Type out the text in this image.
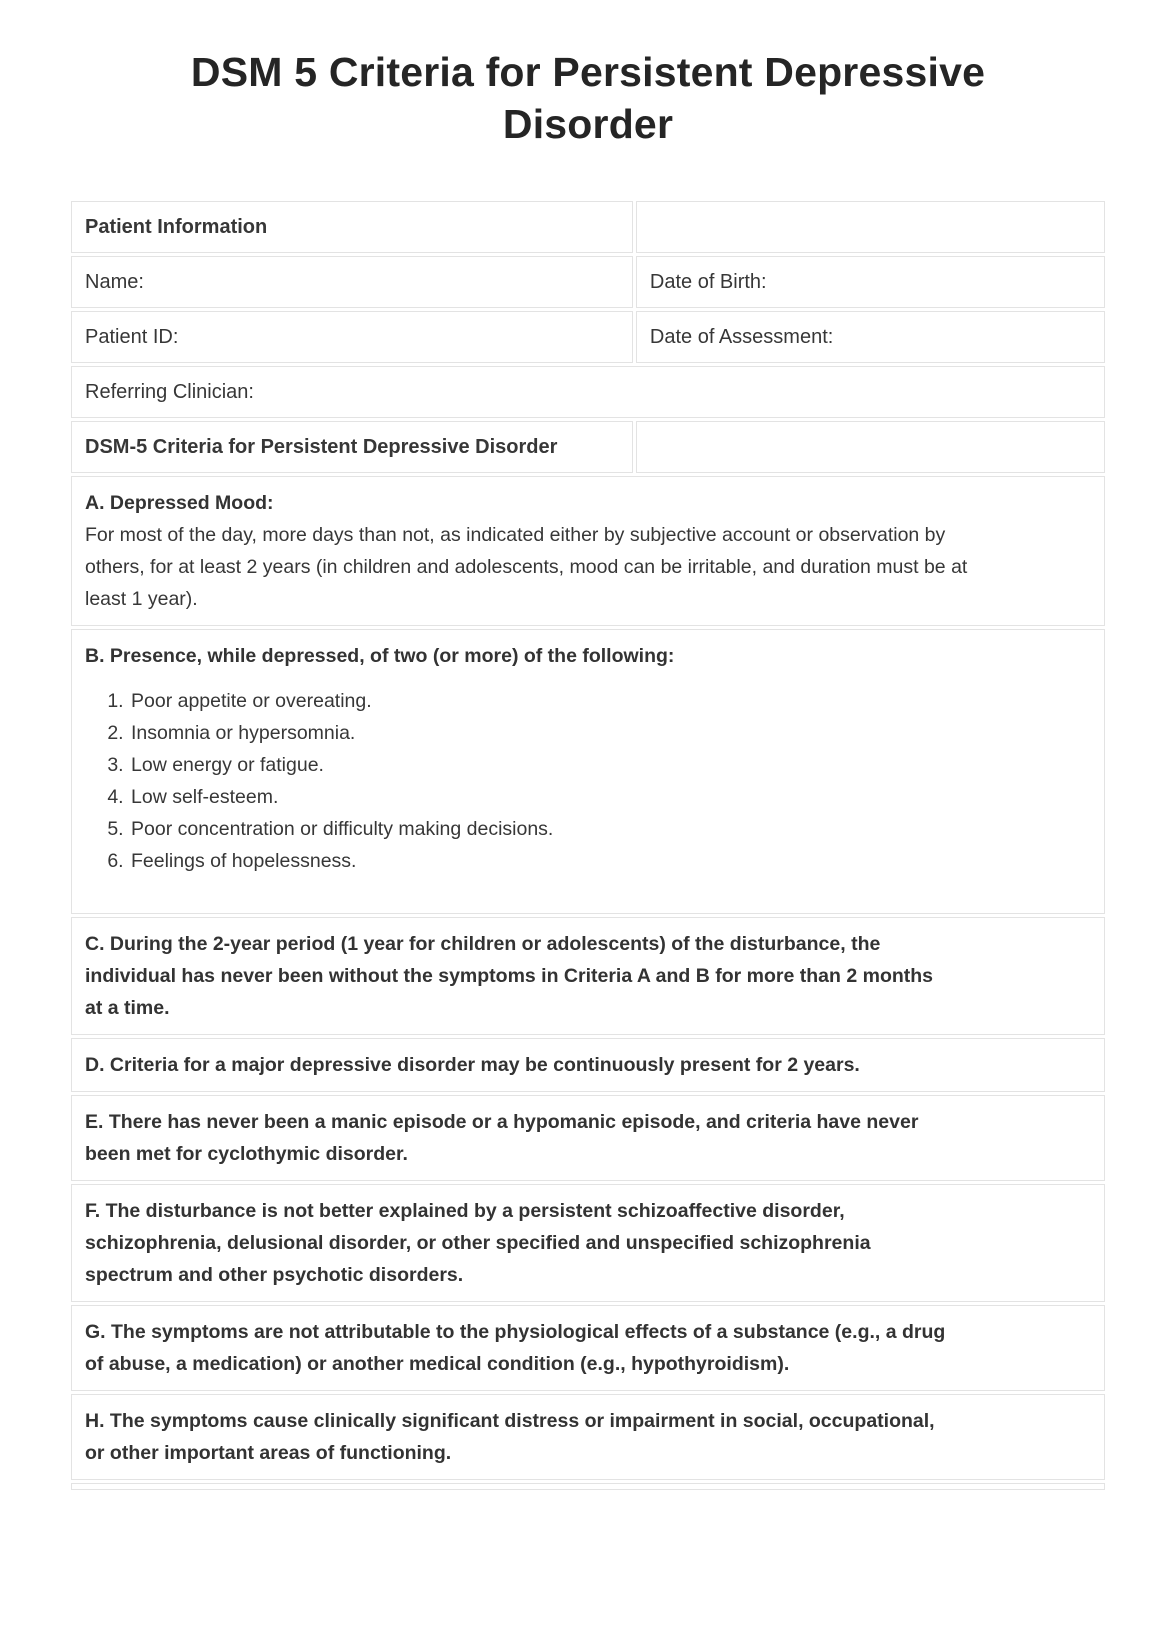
DSM 5 Criteria for Persistent Depressive
Disorder
Patient Information	
Name:	Date of Birth:
Patient ID:	Date of Assessment:
Referring Clinician:	
DSM-5 Criteria for Persistent Depressive Disorder	

A. Depressed Mood:
For most of the day, more days than not, as indicated either by subjective account or observation by
others, for at least 2 years (in children and adolescents, mood can be irritable, and duration must be at
least 1 year).	

B. Presence, while depressed, of two (or more) of the following:
1. Poor appetite or overeating.
2. Insomnia or hypersomnia.
3. Low energy or fatigue.
4. Low self-esteem.
5. Poor concentration or difficulty making decisions.
6. Feelings of hopelessness.

C. During the 2-year period (1 year for children or adolescents) of the disturbance, the
individual has never been without the symptoms in Criteria A and B for more than 2 months
at a time.	

D. Criteria for a major depressive disorder may be continuously present for 2 years.	

E. There has never been a manic episode or a hypomanic episode, and criteria have never
been met for cyclothymic disorder.	

F. The disturbance is not better explained by a persistent schizoaffective disorder,
schizophrenia, delusional disorder, or other specified and unspecified schizophrenia
spectrum and other psychotic disorders.	

G. The symptoms are not attributable to the physiological effects of a substance (e.g., a drug
of abuse, a medication) or another medical condition (e.g., hypothyroidism).	

H. The symptoms cause clinically significant distress or impairment in social, occupational,
or other important areas of functioning.	
